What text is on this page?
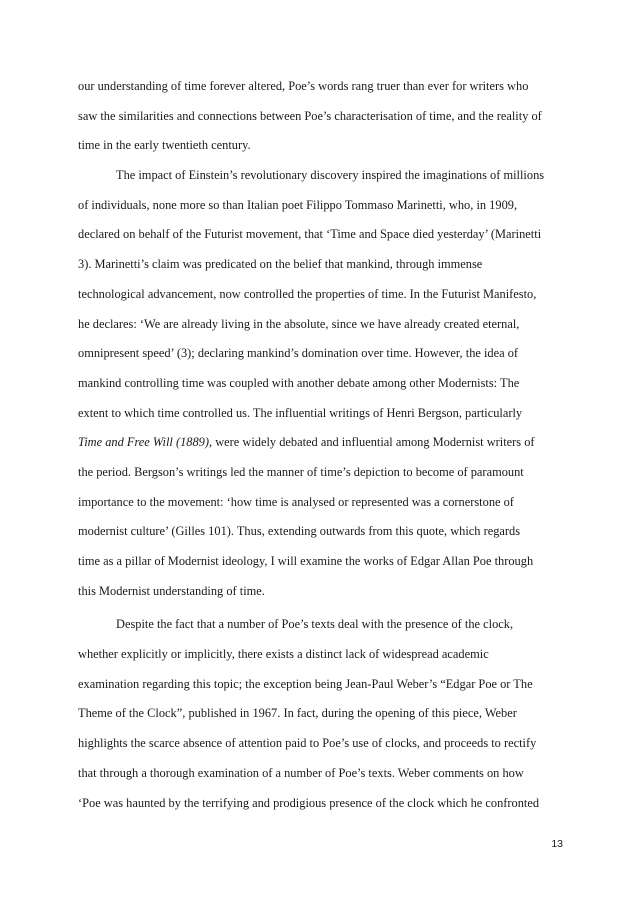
our understanding of time forever altered, Poe’s words rang truer than ever for writers who
saw the similarities and connections between Poe’s characterisation of time, and the reality of
time in the early twentieth century.
The impact of Einstein’s revolutionary discovery inspired the imaginations of millions
of individuals, none more so than Italian poet Filippo Tommaso Marinetti, who, in 1909,
declared on behalf of the Futurist movement, that ‘Time and Space died yesterday’ (Marinetti
3). Marinetti’s claim was predicated on the belief that mankind, through immense
technological advancement, now controlled the properties of time. In the Futurist Manifesto,
he declares: ‘We are already living in the absolute, since we have already created eternal,
omnipresent speed’ (3); declaring mankind’s domination over time. However, the idea of
mankind controlling time was coupled with another debate among other Modernists: The
extent to which time controlled us. The influential writings of Henri Bergson, particularly
Time and Free Will (1889), were widely debated and influential among Modernist writers of
the period. Bergson’s writings led the manner of time’s depiction to become of paramount
importance to the movement: ‘how time is analysed or represented was a cornerstone of
modernist culture’ (Gilles 101). Thus, extending outwards from this quote, which regards
time as a pillar of Modernist ideology, I will examine the works of Edgar Allan Poe through
this Modernist understanding of time.
Despite the fact that a number of Poe’s texts deal with the presence of the clock,
whether explicitly or implicitly, there exists a distinct lack of widespread academic
examination regarding this topic; the exception being Jean-Paul Weber’s “Edgar Poe or The
Theme of the Clock”, published in 1967. In fact, during the opening of this piece, Weber
highlights the scarce absence of attention paid to Poe’s use of clocks, and proceeds to rectify
that through a thorough examination of a number of Poe’s texts. Weber comments on how
‘Poe was haunted by the terrifying and prodigious presence of the clock which he confronted
13
